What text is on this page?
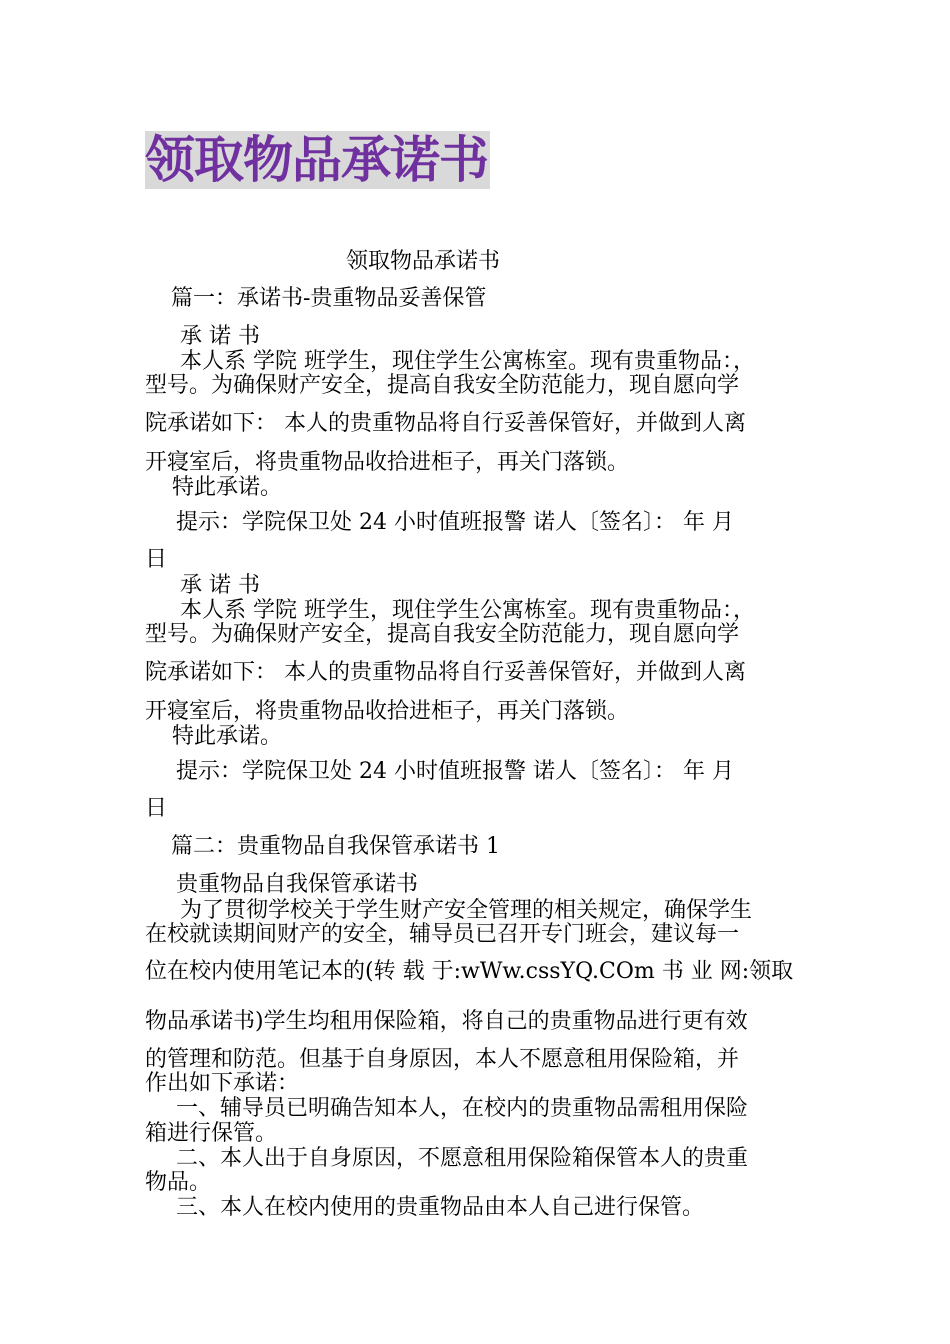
领取物品承诺书
领取物品承诺书
篇一：承诺书-贵重物品妥善保管
承 诺 书
本人系 学院 班学生，现住学生公寓栋室。现有贵重物品：，
型号。为确保财产安全，提高自我安全防范能力，现自愿向学
院承诺如下： 本人的贵重物品将自行妥善保管好，并做到人离
开寝室后，将贵重物品收拾进柜子，再关门落锁。
特此承诺。
提示：学院保卫处 24 小时值班报警 诺人〔签名〕： 年 月
日
承 诺 书
本人系 学院 班学生，现住学生公寓栋室。现有贵重物品：，
型号。为确保财产安全，提高自我安全防范能力，现自愿向学
院承诺如下： 本人的贵重物品将自行妥善保管好，并做到人离
开寝室后，将贵重物品收拾进柜子，再关门落锁。
特此承诺。
提示：学院保卫处 24 小时值班报警 诺人〔签名〕： 年 月
日
篇二：贵重物品自我保管承诺书 1
贵重物品自我保管承诺书
为了贯彻学校关于学生财产安全管理的相关规定，确保学生
在校就读期间财产的安全，辅导员已召开专门班会，建议每一
位在校内使用笔记本的(转 载 于:wWw.cssYQ.COm 书 业 网:领取
物品承诺书)学生均租用保险箱，将自己的贵重物品进行更有效
的管理和防范。但基于自身原因，本人不愿意租用保险箱，并
作出如下承诺：
一、辅导员已明确告知本人，在校内的贵重物品需租用保险
箱进行保管。
二、本人出于自身原因，不愿意租用保险箱保管本人的贵重
物品。
三、本人在校内使用的贵重物品由本人自己进行保管。
